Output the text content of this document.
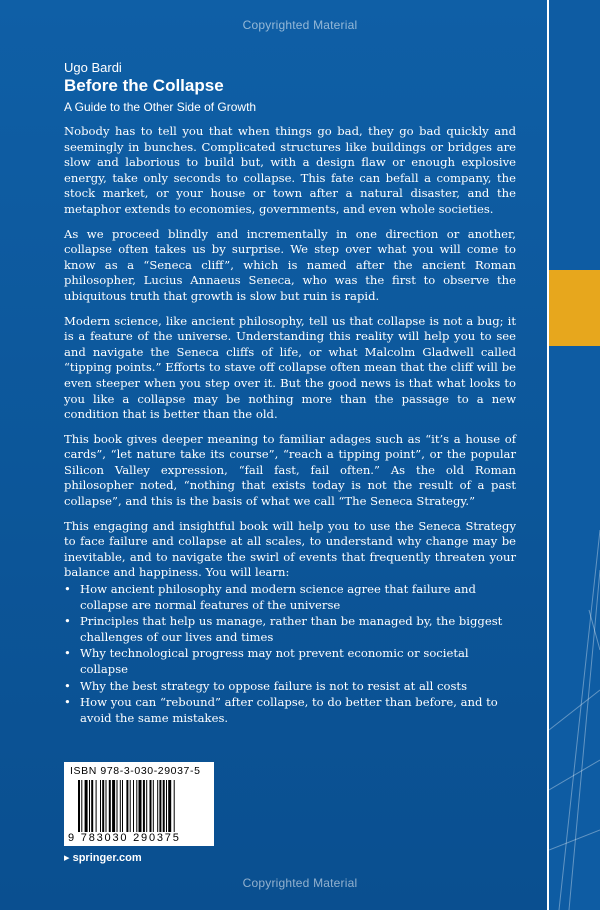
Copyrighted Material
Ugo Bardi
Before the Collapse
A Guide to the Other Side of Growth

Nobody has to tell you that when things go bad, they go bad quickly and seemingly in bunches. Complicated structures like buildings or bridges are slow and laborious to build but, with a design flaw or enough explosive energy, take only seconds to collapse. This fate can befall a company, the stock market, or your house or town after a natural disaster, and the metaphor extends to economies, governments, and even whole societies.

As we proceed blindly and incrementally in one direction or another, collapse often takes us by surprise. We step over what you will come to know as a “Seneca cliff”, which is named after the ancient Roman philosopher, Lucius Annaeus Seneca, who was the first to observe the ubiquitous truth that growth is slow but ruin is rapid.

Modern science, like ancient philosophy, tell us that collapse is not a bug; it is a feature of the universe. Understanding this reality will help you to see and navigate the Seneca cliffs of life, or what Malcolm Gladwell called “tipping points.” Efforts to stave off collapse often mean that the cliff will be even steeper when you step over it. But the good news is that what looks to you like a collapse may be nothing more than the passage to a new condition that is better than the old.

This book gives deeper meaning to familiar adages such as “it’s a house of cards”, “let nature take its course”, “reach a tipping point”, or the popular Silicon Valley expression, “fail fast, fail often.” As the old Roman philosopher noted, “nothing that exists today is not the result of a past collapse”, and this is the basis of what we call “The Seneca Strategy.”

This engaging and insightful book will help you to use the Seneca Strategy to face failure and collapse at all scales, to understand why change may be inevitable, and to navigate the swirl of events that frequently threaten your balance and happiness. You will learn:

• How ancient philosophy and modern science agree that failure and collapse are normal features of the universe
• Principles that help us manage, rather than be managed by, the biggest challenges of our lives and times
• Why technological progress may not prevent economic or societal collapse
• Why the best strategy to oppose failure is not to resist at all costs
• How you can “rebound” after collapse, to do better than before, and to avoid the same mistakes.
ISBN 978-3-030-29037-5
9 783030 290375
▸ springer.com
Copyrighted Material
